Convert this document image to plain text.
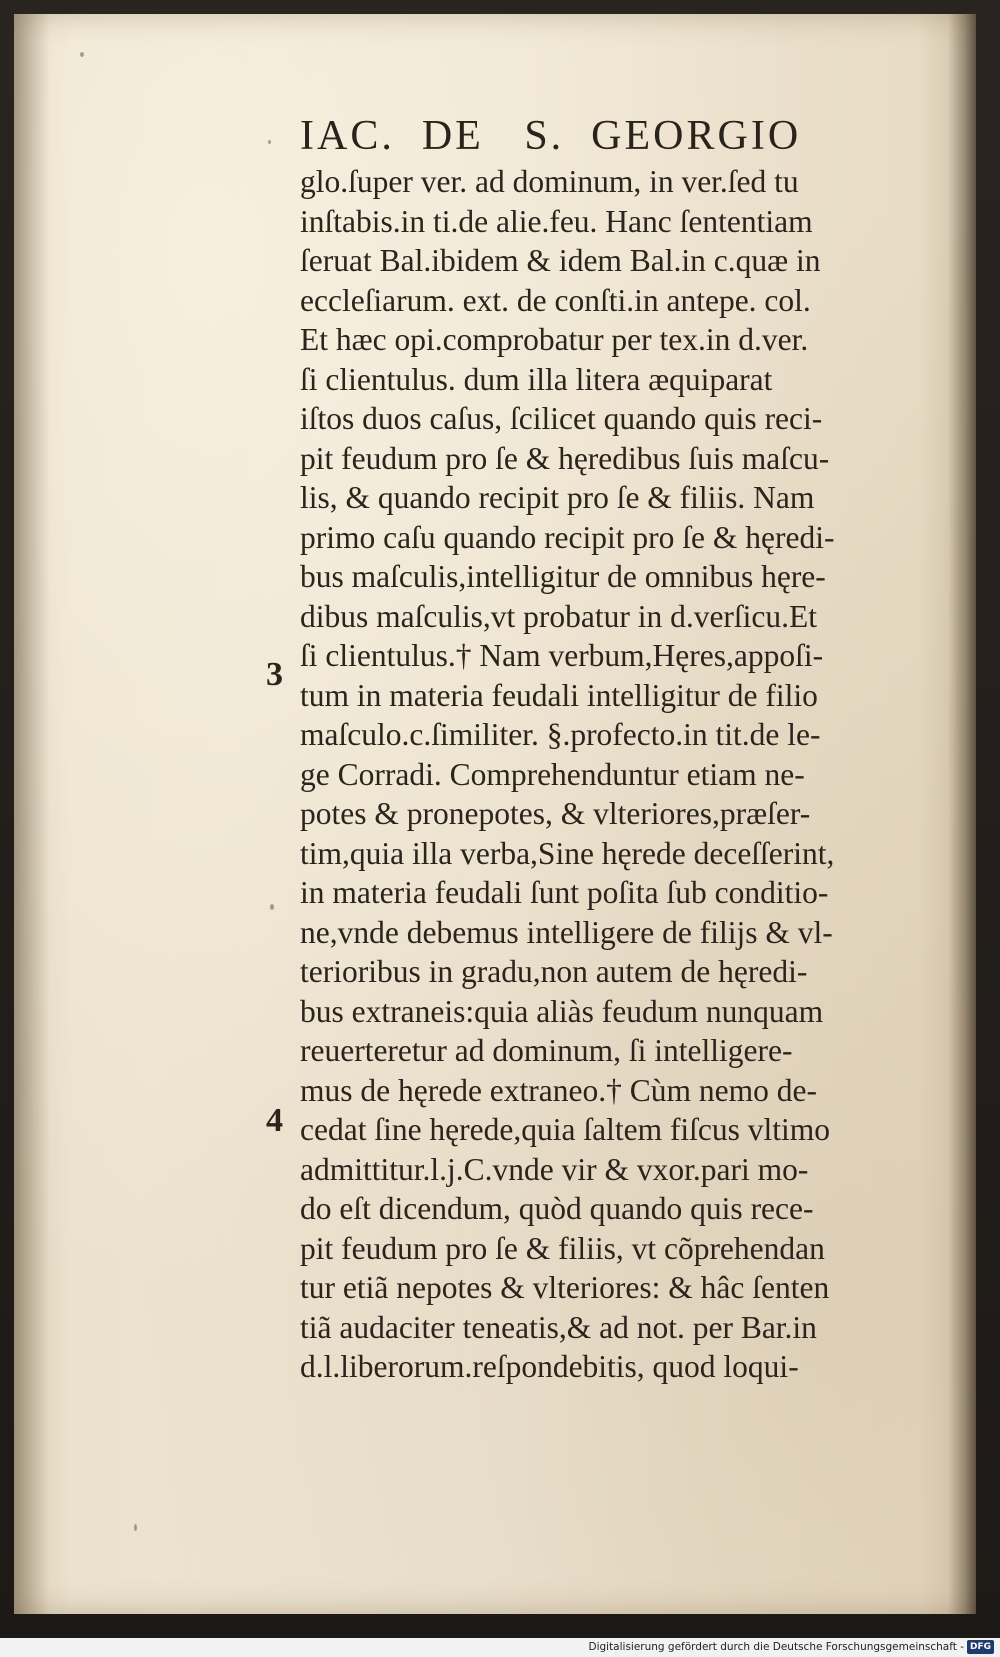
IAC.  DE   S.  GEORGIO
3
4
glo.ſuper ver. ad dominum, in ver.ſed tu
inſtabis.in ti.de alie.feu. Hanc ſententiam
ſeruat Bal.ibidem & idem Bal.in c.quæ in
eccleſiarum. ext. de conſti.in antepe. col.
Et hæc opi.comprobatur per tex.in d.ver.
ſi clientulus. dum illa litera æquiparat
iſtos duos caſus, ſcilicet quando quis reci-
pit feudum pro ſe & hęredibus ſuis maſcu-
lis, & quando recipit pro ſe & filiis. Nam
primo caſu quando recipit pro ſe & hęredi-
bus maſculis,intelligitur de omnibus hęre-
dibus maſculis,vt probatur in d.verſicu.Et
ſi clientulus.† Nam verbum,Hęres,appoſi-
tum in materia feudali intelligitur de filio
maſculo.c.ſimiliter. §.profecto.in tit.de le-
ge Corradi. Comprehenduntur etiam ne-
potes & pronepotes, & vlteriores,præſer-
tim,quia illa verba,Sine hęrede deceſſerint,
in materia feudali ſunt poſita ſub conditio-
ne,vnde debemus intelligere de filijs & vl-
terioribus in gradu,non autem de hęredi-
bus extraneis:quia aliàs feudum nunquam
reuerteretur ad dominum, ſi intelligere-
mus de hęrede extraneo.† Cùm nemo de-
cedat ſine hęrede,quia ſaltem fiſcus vltimo
admittitur.l.j.C.vnde vir & vxor.pari mo-
do eſt dicendum, quòd quando quis rece-
pit feudum pro ſe & filiis, vt cõprehendan
tur etiã nepotes & vlteriores: & hâc ſenten
tiã audaciter teneatis,& ad not. per Bar.in
d.l.liberorum.reſpondebitis, quod loqui-
Digitalisierung gefördert durch die Deutsche Forschungsgemeinschaft - DFG
